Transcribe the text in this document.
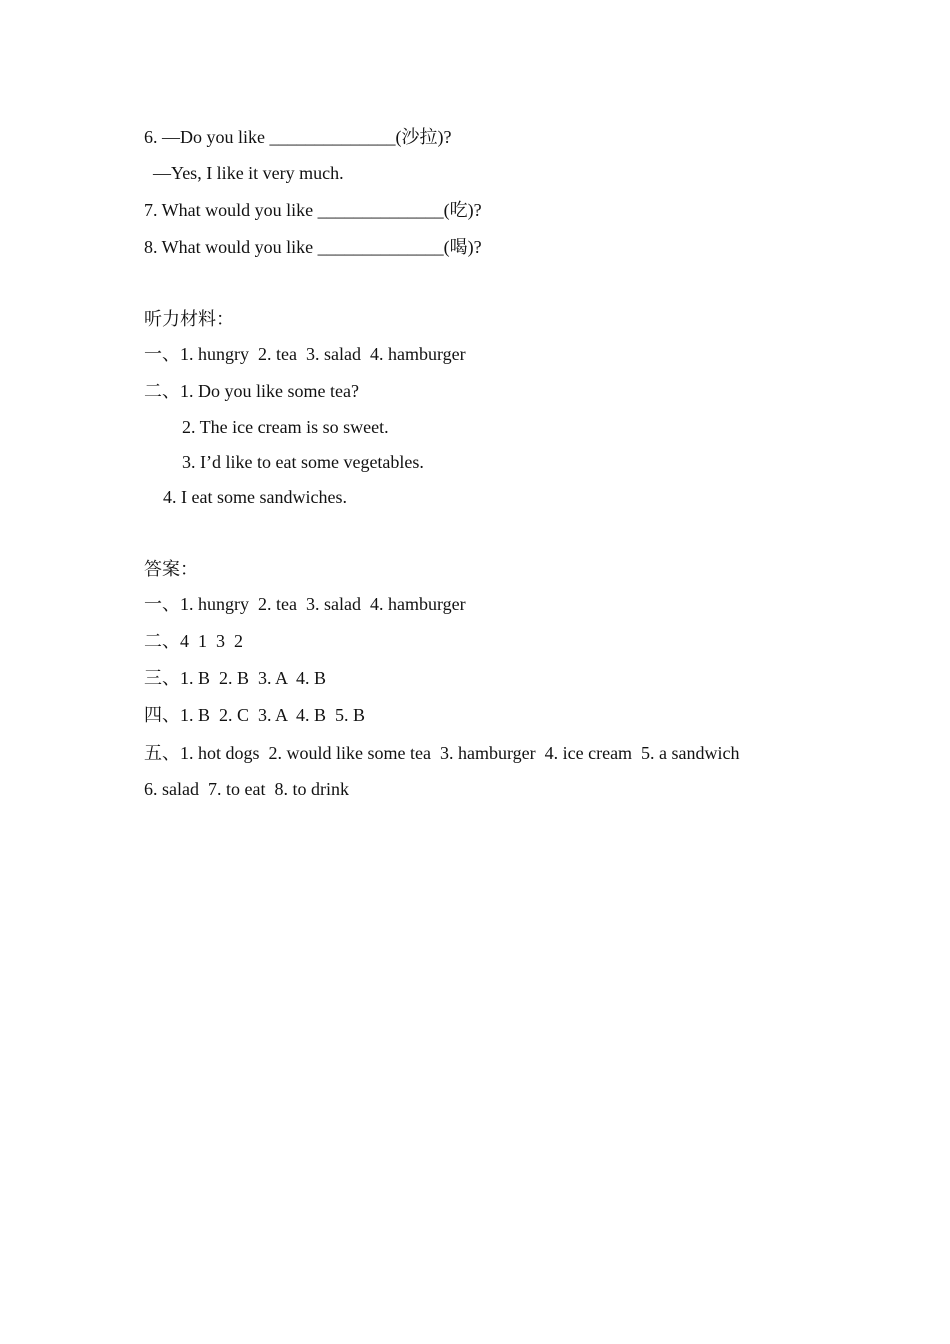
6. —Do you like ______________(沙拉)?
—Yes, I like it very much.
7. What would you like ______________(吃)?
8. What would you like ______________(喝)?
听力材料：
一、1. hungry  2. tea  3. salad  4. hamburger
二、1. Do you like some tea?
2. The ice cream is so sweet.
3. I’d like to eat some vegetables.
4. I eat some sandwiches.
答案：
一、1. hungry  2. tea  3. salad  4. hamburger
二、4  1  3  2
三、1. B  2. B  3. A  4. B
四、1. B  2. C  3. A  4. B  5. B
五、1. hot dogs  2. would like some tea  3. hamburger  4. ice cream  5. a sandwich
6. salad  7. to eat  8. to drink
